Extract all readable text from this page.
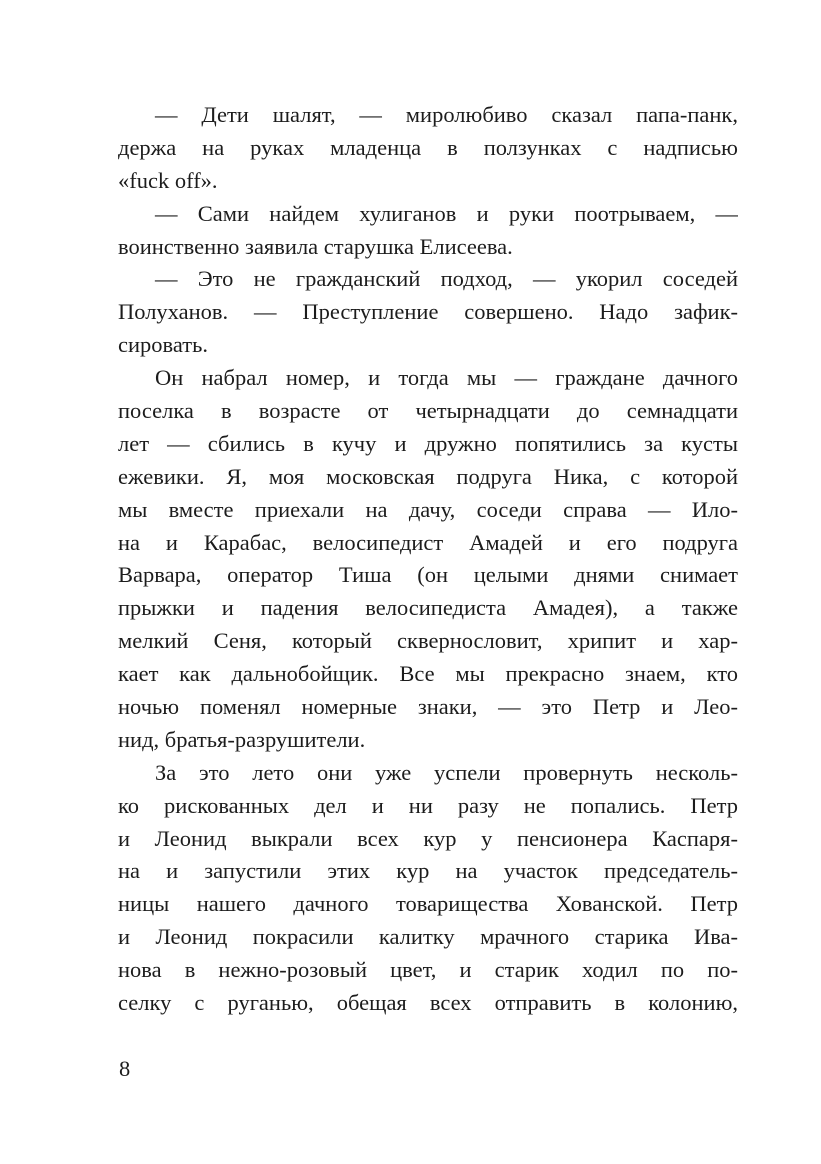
— Дети шалят, — миролюбиво сказал папа-панк,
держа на руках младенца в ползунках с надписью
«fuck off».
— Сами найдем хулиганов и руки поотрываем, —
воинственно заявила старушка Елисеева.
— Это не гражданский подход, — укорил соседей
Полуханов. — Преступление совершено. Надо зафик-
сировать.
Он набрал номер, и тогда мы — граждане дачного
поселка в возрасте от четырнадцати до семнадцати
лет — сбились в кучу и дружно попятились за кусты
ежевики. Я, моя московская подруга Ника, с которой
мы вместе приехали на дачу, соседи справа — Ило-
на и Карабас, велосипедист Амадей и его подруга
Варвара, оператор Тиша (он целыми днями снимает
прыжки и падения велосипедиста Амадея), а также
мелкий Сеня, который сквернословит, хрипит и хар-
кает как дальнобойщик. Все мы прекрасно знаем, кто
ночью поменял номерные знаки, — это Петр и Лео-
нид, братья-разрушители.
За это лето они уже успели провернуть несколь-
ко рискованных дел и ни разу не попались. Петр
и Леонид выкрали всех кур у пенсионера Каспаря-
на и запустили этих кур на участок председатель-
ницы нашего дачного товарищества Хованской. Петр
и Леонид покрасили калитку мрачного старика Ива-
нова в нежно-розовый цвет, и старик ходил по по-
селку с руганью, обещая всех отправить в колонию,
8
